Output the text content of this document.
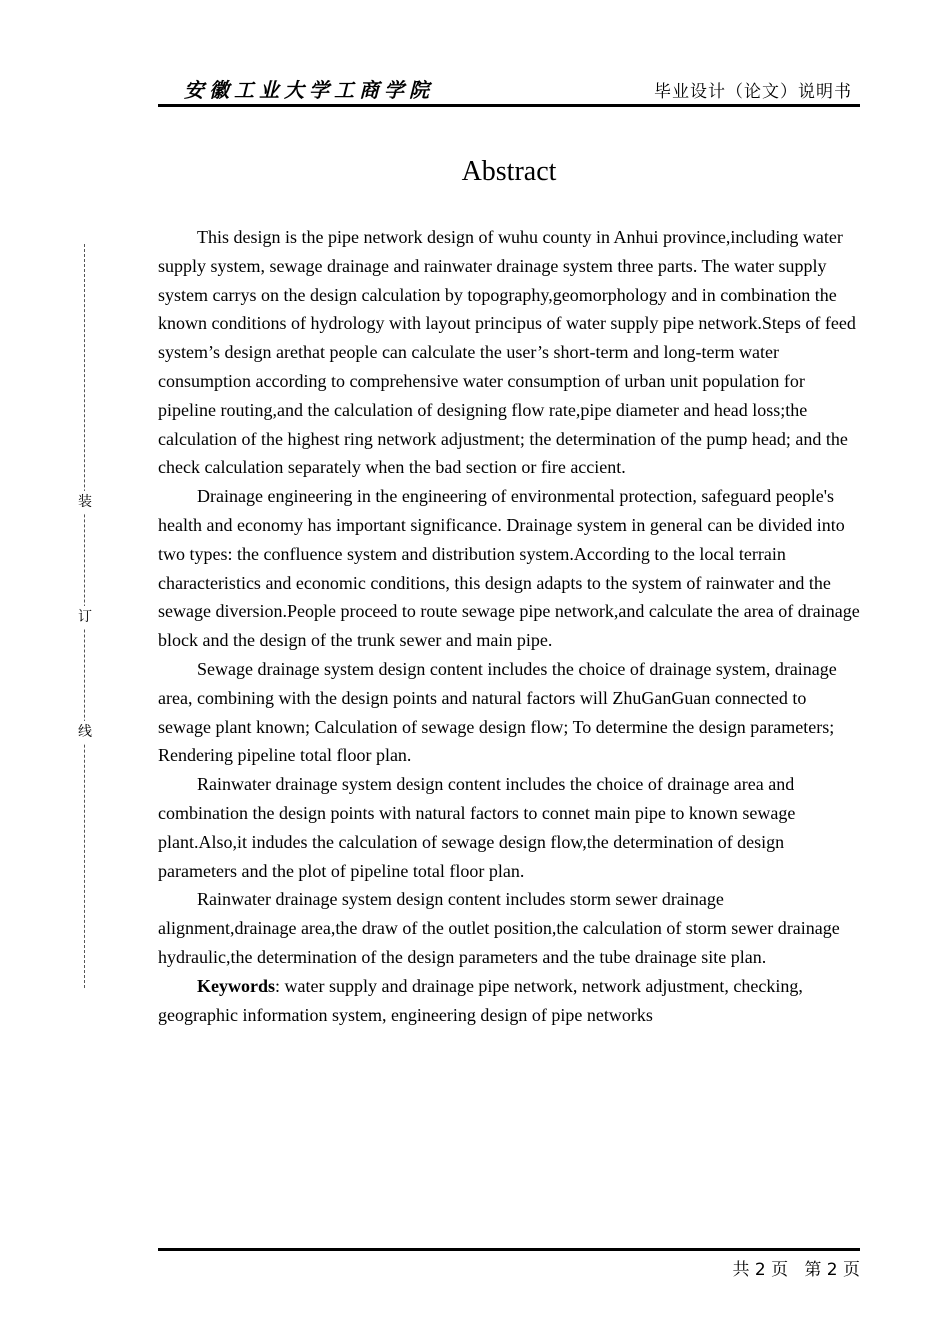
安徽工业大学工商学院	毕业设计（论文）说明书
装
订
线
Abstract

This design is the pipe network design of wuhu county in Anhui province,including water supply system, sewage drainage and rainwater drainage system three parts. The water supply system carrys on the design calculation by topography,geomorphology and in combination the known conditions of hydrology with layout principus of water supply pipe network.Steps of feed system’s design arethat people can calculate the user’s short-term and long-term water consumption according to comprehensive water consumption of urban unit population for pipeline routing,and the calculation of designing flow rate,pipe diameter and head loss;the calculation of the highest ring network adjustment; the determination of the pump head; and the check calculation separately when the bad section or fire accient.

Drainage engineering in the engineering of environmental protection, safeguard people's health and economy has important significance. Drainage system in general can be divided into two types: the confluence system and distribution system.According to the local terrain characteristics and economic conditions, this design adapts to the system of rainwater and the sewage diversion.People proceed to route sewage pipe network,and calculate the area of drainage block and the design of the trunk sewer and main pipe.

Sewage drainage system design content includes the choice of drainage system, drainage area, combining with the design points and natural factors will ZhuGanGuan connected to sewage plant known; Calculation of sewage design flow; To determine the design parameters; Rendering pipeline total floor plan.

Rainwater drainage system design content includes the choice of drainage area and combination the design points with natural factors to connet main pipe to known sewage plant.Also,it indudes the calculation of sewage design flow,the determination of design parameters and the plot of pipeline total floor plan.

Rainwater drainage system design content includes storm sewer drainage alignment,drainage area,the draw of the outlet position,the calculation of storm sewer drainage hydraulic,the determination of the design parameters and the tube drainage site plan.

Keywords: water supply and drainage pipe network, network adjustment, checking, geographic information system, engineering design of pipe networks

共 2 页   第 2 页
